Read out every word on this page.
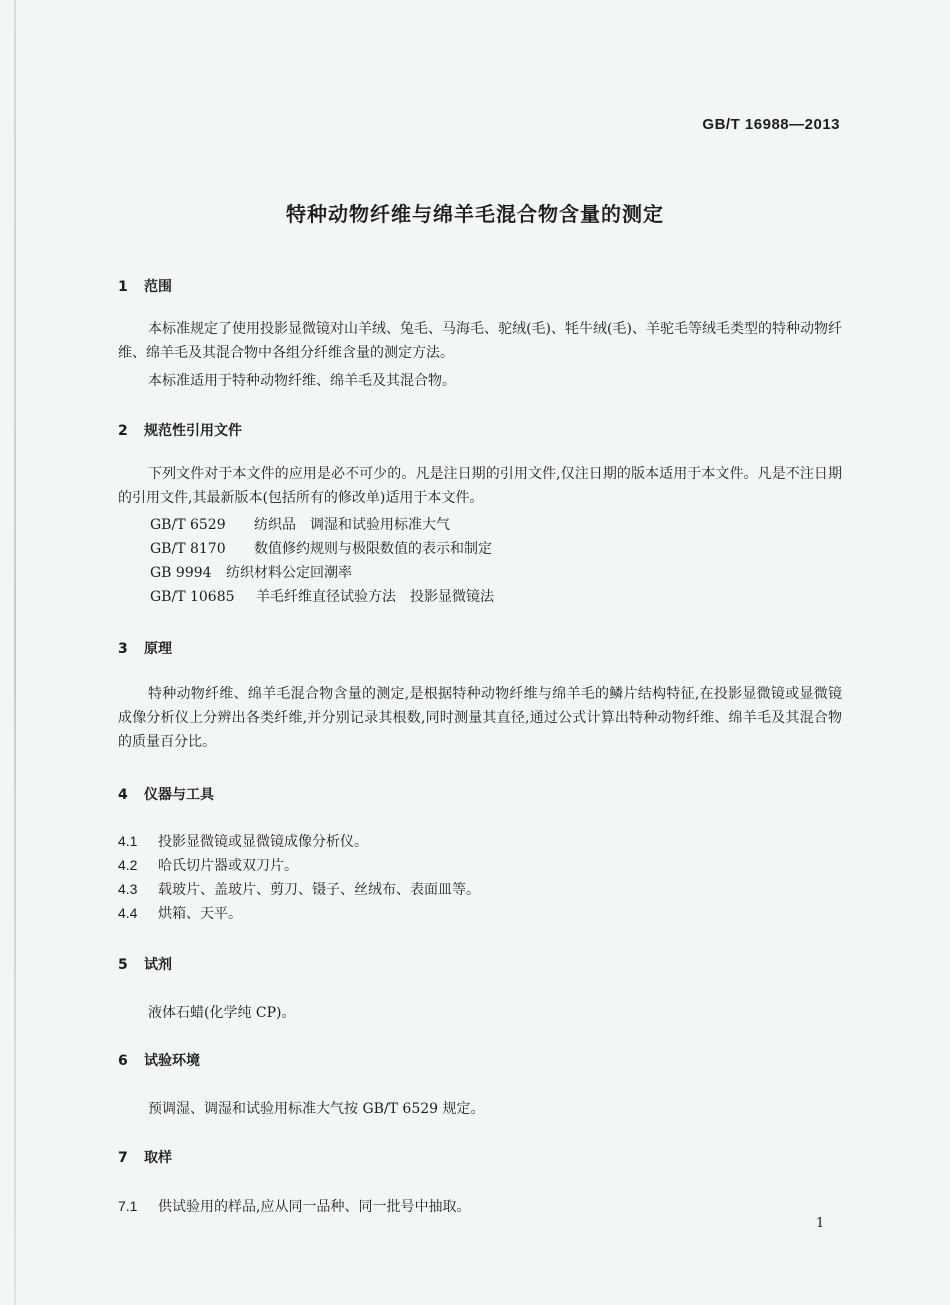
GB/T 16988—2013
特种动物纤维与绵羊毛混合物含量的测定
1 范围

本标准规定了使用投影显微镜对山羊绒、兔毛、马海毛、驼绒(毛)、牦牛绒(毛)、羊驼毛等绒毛类型的特种动物纤维、绵羊毛及其混合物中各组分纤维含量的测定方法。

本标准适用于特种动物纤维、绵羊毛及其混合物。

2 规范性引用文件

下列文件对于本文件的应用是必不可少的。凡是注日期的引用文件,仅注日期的版本适用于本文件。凡是不注日期的引用文件,其最新版本(包括所有的修改单)适用于本文件。

GB/T 6529 纺织品　调湿和试验用标准大气
GB/T 8170 数值修约规则与极限数值的表示和制定
GB 9994 纺织材料公定回潮率
GB/T 10685 羊毛纤维直径试验方法　投影显微镜法
3 原理

特种动物纤维、绵羊毛混合物含量的测定,是根据特种动物纤维与绵羊毛的鳞片结构特征,在投影显微镜或显微镜成像分析仪上分辨出各类纤维,并分别记录其根数,同时测量其直径,通过公式计算出特种动物纤维、绵羊毛及其混合物的质量百分比。

4 仪器与工具
4.1 投影显微镜或显微镜成像分析仪。
4.2 哈氏切片器或双刀片。
4.3 载玻片、盖玻片、剪刀、镊子、丝绒布、表面皿等。
4.4 烘箱、天平。
5 试剂
液体石蜡(化学纯 CP)。
6 试验环境
预调湿、调湿和试验用标准大气按 GB/T 6529 规定。
7 取样
7.1 供试验用的样品,应从同一品种、同一批号中抽取。
1
